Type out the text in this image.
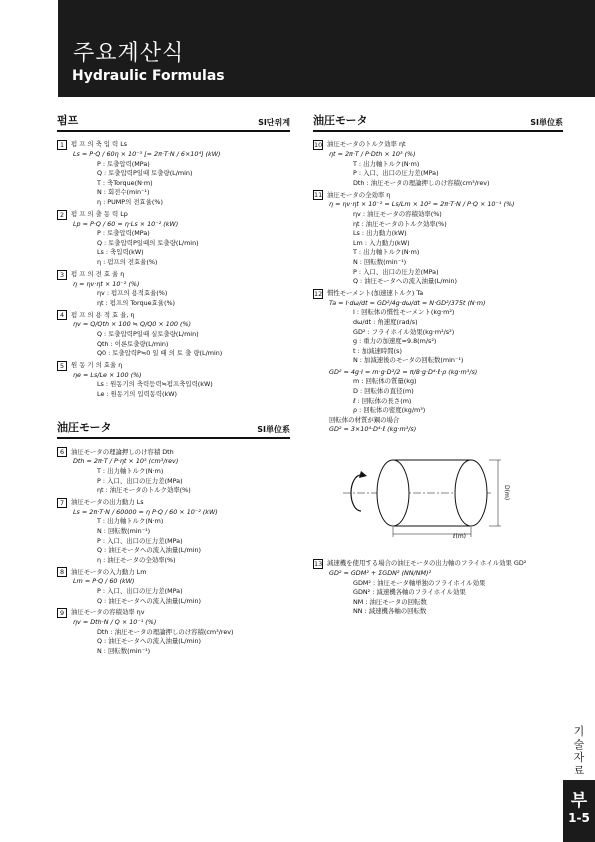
주요계산식
Hydraulic Formulas
펌프	SI단위계
1	펌 프 의 축 입 력 Ls
Ls = P·Q / 60η × 10⁻³ [= 2π·T·N / 6×10⁴] (kW)
P : 토출압력(MPa)
Q : 토출압력P일때 토출량(L/min)
T : 축Torque(N·m)
N : 회전수(min⁻¹)
η : PUMP의 전효율(%)
2	펌 프 의 출 동 력 Lp
Lp = P·Q / 60 = η·Ls × 10⁻² (kW)
P : 토출압력(MPa)
Q : 토출압력P일때의 토출량(L/min)
Ls : 축입력(kW)
η : 펌프의 전효율(%)
3	펌 프 의 전 효 율 η
η = ηv·ηt × 10⁻² (%)
ηv : 펌프의 용적효율(%)
ηt : 펌프의 Torque효율(%)
4	펌 프 의 용 적 효 율, η
ηv = Q/Qth × 100 ≒ Q/Q0 × 100 (%)
Q : 토출압력P일때 실토출량(L/min)
Qth : 이론토출량(L/min)
Q0 : 토출압력P≒0 일 때 의 토 출 량(L/min)
5	원 동 기 의 효율 η
ηe = Ls/Le × 100 (%)
Ls : 원동기의 축력등력≒펌프축입력(kW)
Le : 원동기의 입력동력(kW)
油圧モータ	SI単位系
6	油圧モータの理論押しのけ容積 Dth
Dth = 2π·T / P·ηt × 10³ (cm³/rev)
T : 出力軸トルク(N·m)
P : 入口、出口の圧力差(MPa)
ηt : 油圧モータのトルク効率(%)
7	油圧モータの出力動力 Ls
Ls = 2π·T·N / 60000 = η P·Q / 60 × 10⁻² (kW)
T : 出力軸トルク(N·m)
N : 回転数(min⁻¹)
P : 入口、出口の圧力差(MPa)
Q : 油圧モータへの流入油量(L/min)
η : 油圧モータの全効率(%)
8	油圧モータの入力動力 Lm
Lm = P·Q / 60 (kW)
P : 入口、出口の圧力差(MPa)
Q : 油圧モータへの流入油量(L/min)
9	油圧モータの容積効率 ηv
ηv = Dth·N / Q × 10⁻¹ (%)
Dth : 油圧モータの理論押しのけ容積(cm³/rev)
Q : 油圧モータへの流入油量(L/min)
N : 回転数(min⁻¹)
油圧モータ	SI単位系
10 油圧モータのトルク効率 ηt
ηt = 2π·T / P·Dth × 10³ (%)
T : 出力軸トルク(N·m)
P : 入口、出口の圧力差(MPa)
Dth : 油圧モータの理論押しのけ容積(cm³/rev)
11 油圧モータの全効率 η
η = ηv·ηt × 10⁻² = Ls/Lm × 10² = 2π·T·N / P·Q × 10⁻¹ (%)
ηv : 油圧モータの容積効率(%)
ηt : 油圧モータのトルク効率(%)
Ls : 出力動力(kW)
Lm : 入力動力(kW)
T : 出力軸トルク(N·m)
N : 回転数(min⁻¹)
P : 入口、出口の圧力差(MPa)
Q : 油圧モータへの流入油量(L/min)
12 慣性モーメント(加速速トルク) Ta
Ta = I·dω/dt = GD²/4g·dω/dt = N·GD²/375t (N·m)
I : 回転体の慣性モーメント(kg·m²)
dω/dt : 角速度(rad/s)
GD² : フライホイル効果(kg·m²/s²)
g : 重力の加速度=9.8(m/s²)
t : 加減速時間(s)
N : 加減速後のモータの回転数(min⁻¹)
GD² = 4g·I = m·g·D²/2 = π/8·g·D⁴·ℓ·ρ (kg·m³/s)
m : 回転体の質量(kg)
D : 回転体の直径(m)
ℓ : 回転体の長さ(m)
ρ : 回転体の密度(kg/m³)
回転体の材質が鋼の場合
GD² = 3×10⁴·D⁴·ℓ (kg·m³/s)
D(m)
ℓ(m)
13 減速機を使用する場合の油圧モータの出力軸のフライホイル効果 GD²
GD² = GDM² + ΣGDN² (NN/NM)²
GDM² : 油圧モータ軸単独のフライホイル効果
GDN² : 減速機各軸のフライホイル効果
NM : 油圧モータの回転数
NN : 減速機各軸の回転数
기술자료
부
1-5
